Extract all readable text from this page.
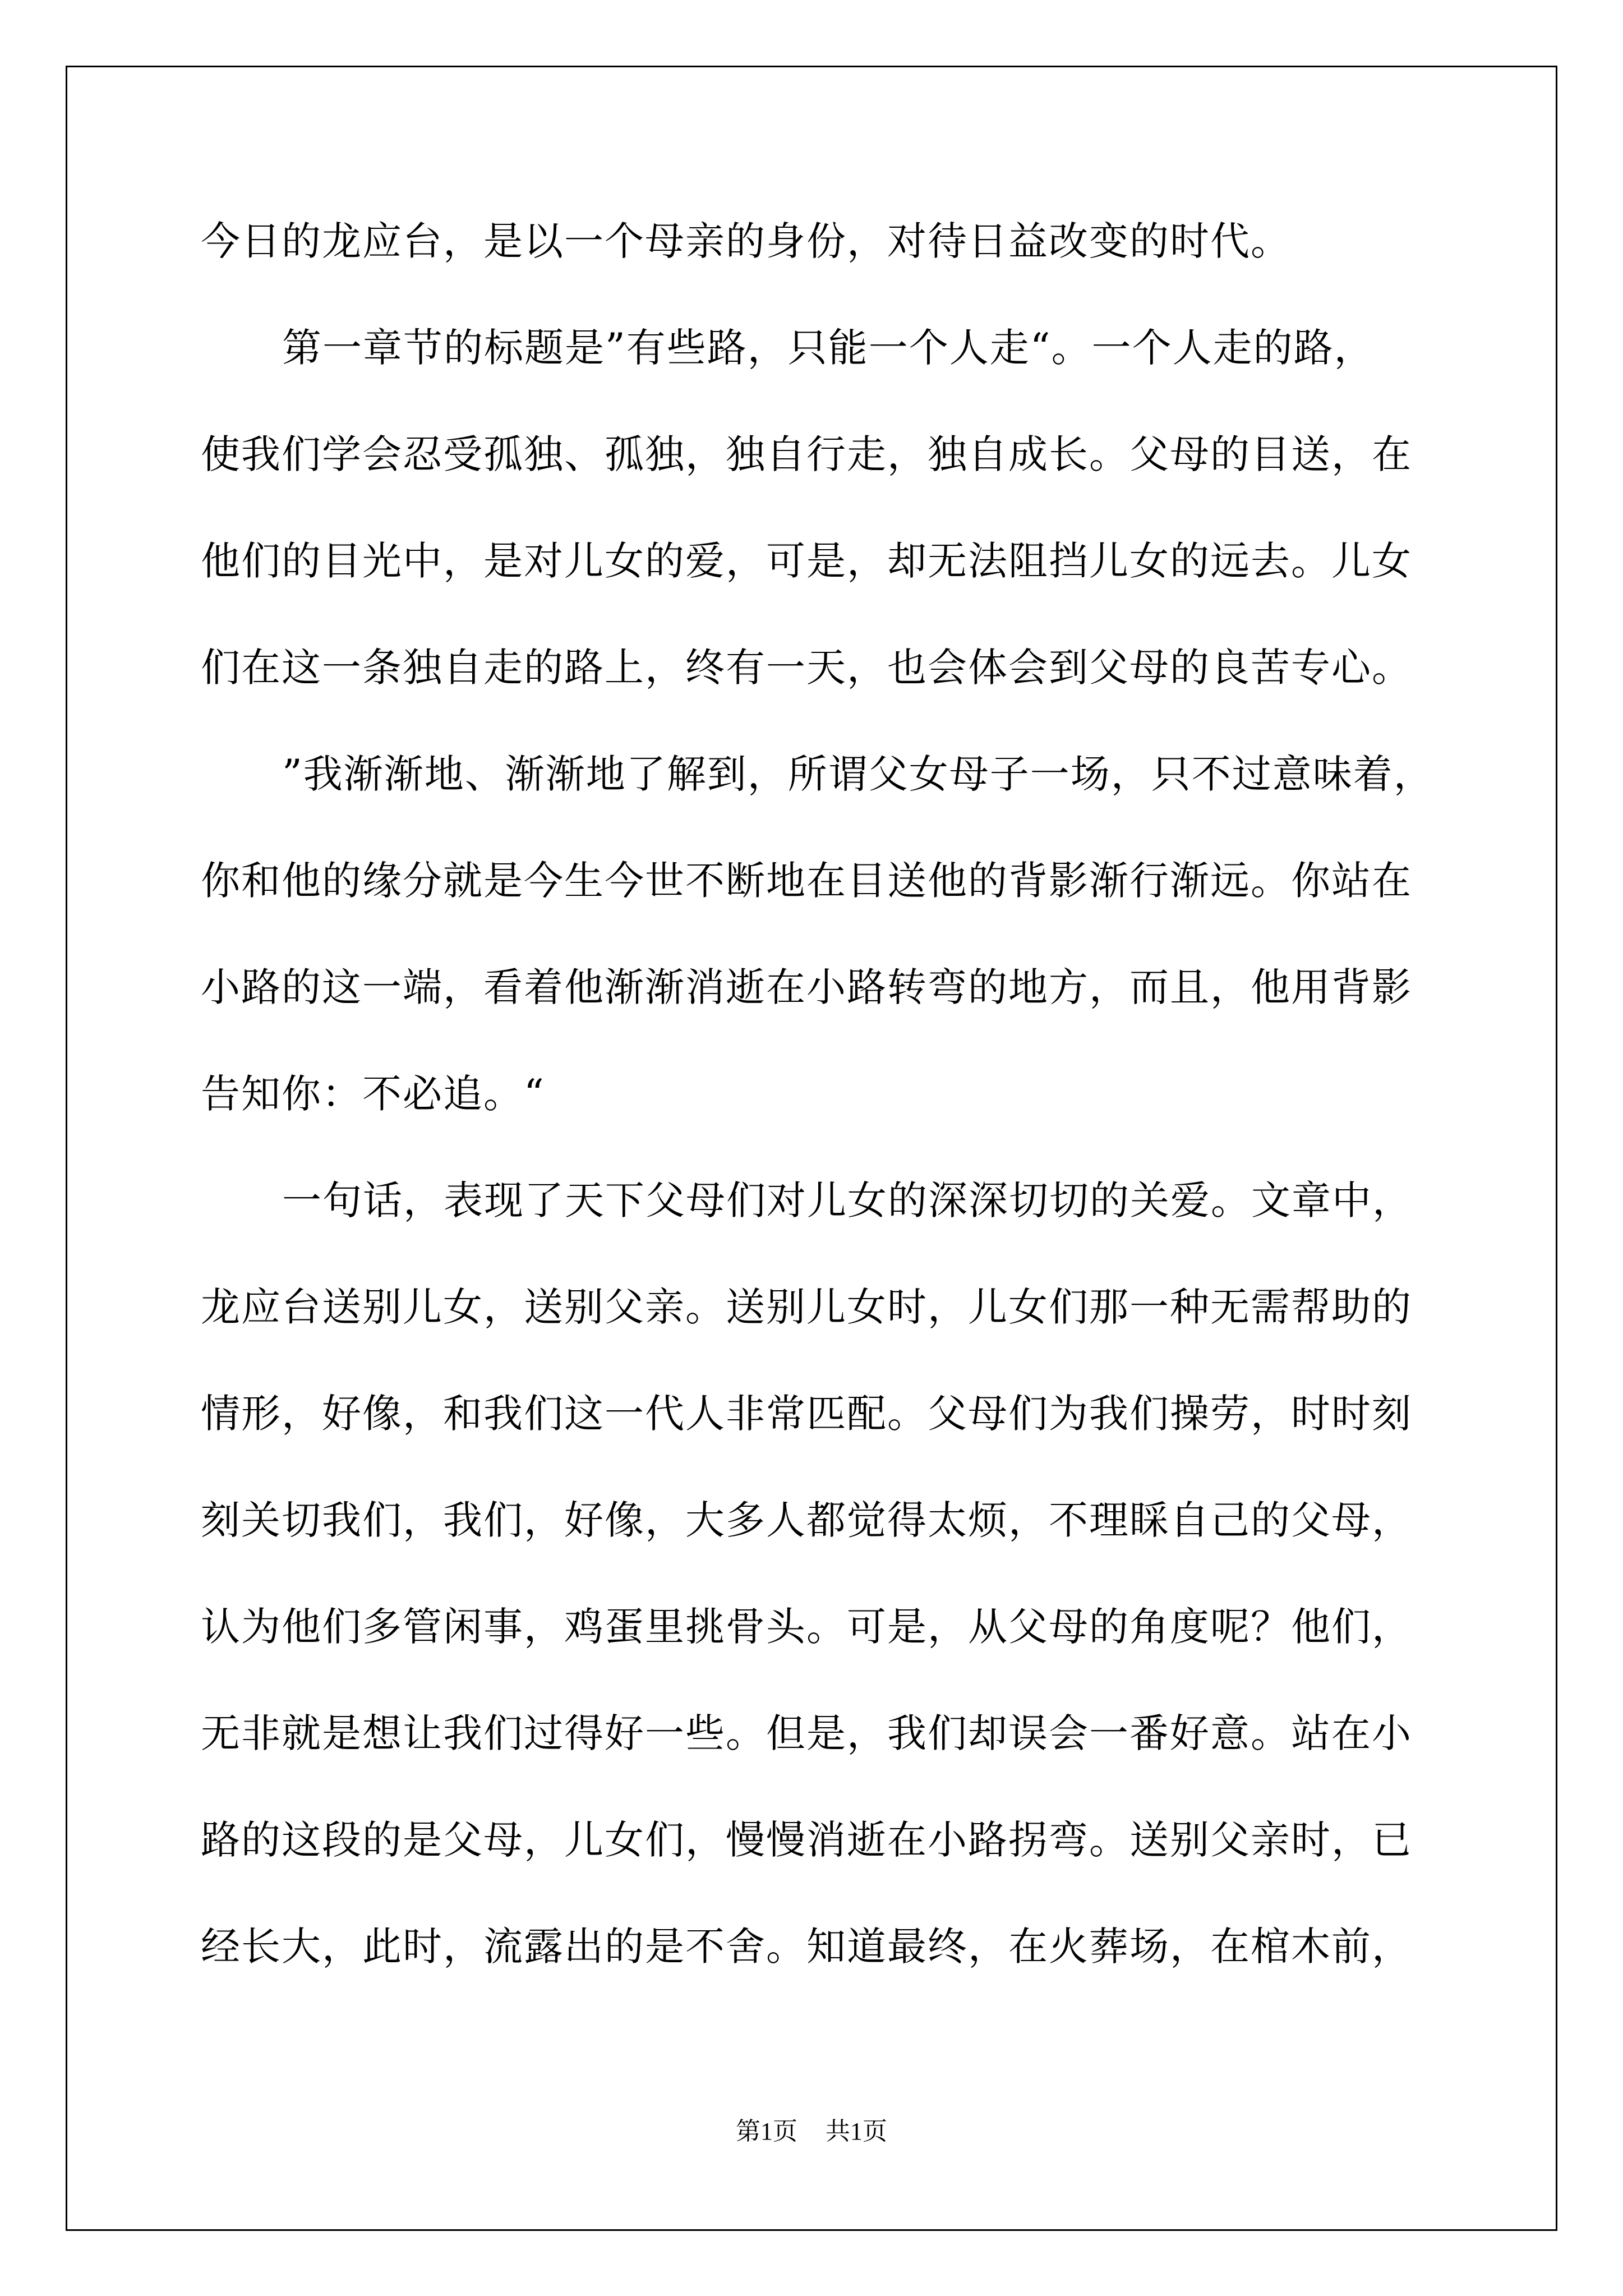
今日的龙应台，是以一个母亲的身份，对待日益改变的时代。
第一章节的标题是”有些路，只能一个人走“。一个人走的路，
使我们学会忍受孤独、孤独，独自行走，独自成长。父母的目送，在
他们的目光中，是对儿女的爱，可是，却无法阻挡儿女的远去。儿女
们在这一条独自走的路上，终有一天，也会体会到父母的良苦专心。
”我渐渐地、渐渐地了解到，所谓父女母子一场，只不过意味着，
你和他的缘分就是今生今世不断地在目送他的背影渐行渐远。你站在
小路的这一端，看着他渐渐消逝在小路转弯的地方，而且，他用背影
告知你：不必追。“
一句话，表现了天下父母们对儿女的深深切切的关爱。文章中，
龙应台送别儿女，送别父亲。送别儿女时，儿女们那一种无需帮助的
情形，好像，和我们这一代人非常匹配。父母们为我们操劳，时时刻
刻关切我们，我们，好像，大多人都觉得太烦，不理睬自己的父母，
认为他们多管闲事，鸡蛋里挑骨头。可是，从父母的角度呢？他们，
无非就是想让我们过得好一些。但是，我们却误会一番好意。站在小
路的这段的是父母，儿女们，慢慢消逝在小路拐弯。送别父亲时，已
经长大，此时，流露出的是不舍。知道最终，在火葬场，在棺木前，
第1页 共1页
